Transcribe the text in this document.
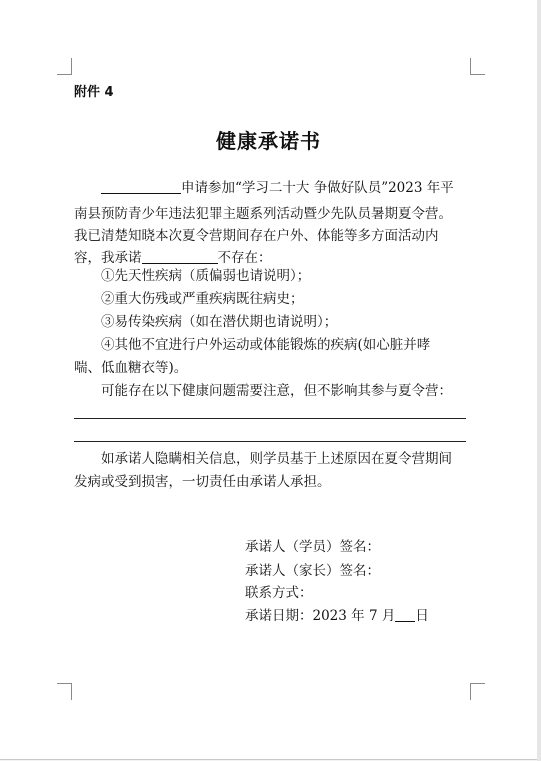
附件 4
健康承诺书
申请参加“学习二十大 争做好队员”2023 年平
南县预防青少年违法犯罪主题系列活动暨少先队员暑期夏令营。
我已清楚知晓本次夏令营期间存在户外、体能等多方面活动内
容，我承诺	不存在：
①先天性疾病（质偏弱也请说明）；
②重大伤残或严重疾病既往病史；
③易传染疾病（如在潜伏期也请说明）；
④其他不宜进行户外运动或体能锻炼的疾病(如心脏并哮
喘、低血糖衣等)。
可能存在以下健康问题需要注意，但不影响其参与夏令营：
如承诺人隐瞒相关信息，则学员基于上述原因在夏令营期间
发病或受到损害，一切责任由承诺人承担。
承诺人（学员）签名：
承诺人（家长）签名：
联系方式：
承诺日期：2023 年 7 月 日
